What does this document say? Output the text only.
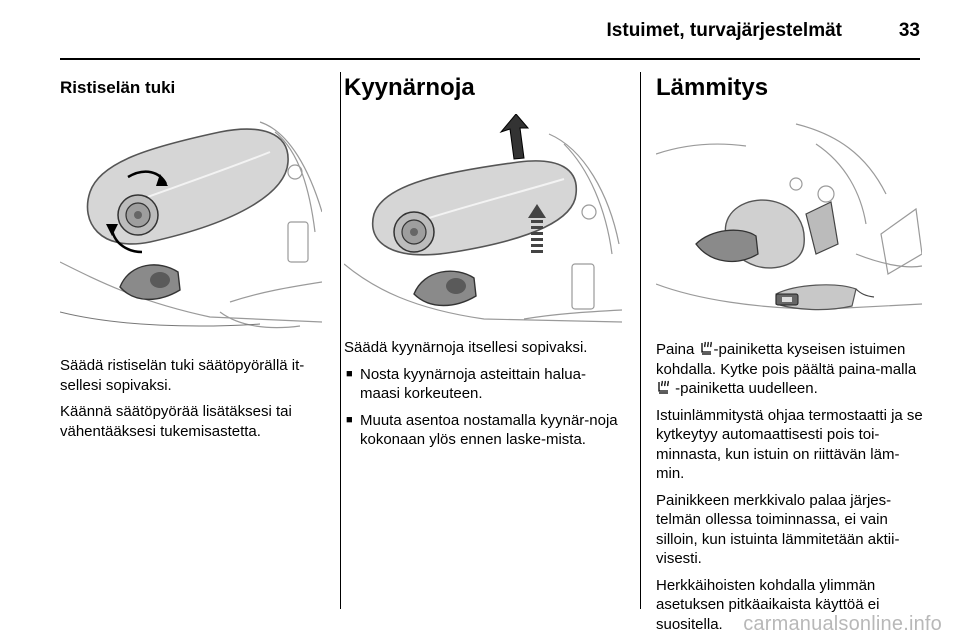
Istuimet, turvajärjestelmät	33
Ristiselän tuki

Säädä ristiselän tuki säätöpyörällä it-sellesi sopivaksi.

Käännä säätöpyörää lisätäksesi tai vähentääksesi tukemisastetta.

Kyynärnoja

Säädä kyynärnoja itsellesi sopivaksi.

■ Nosta kyynärnoja asteittain halua-maasi korkeuteen.
■ Muuta asentoa nostamalla kyynär-noja kokonaan ylös ennen laske-mista.
Lämmitys

Paina -painiketta kyseisen istuimen kohdalla. Kytke pois päältä paina-malla  -painiketta uudelleen.

Istuinlämmitystä ohjaa termostaatti ja se kytkeytyy automaattisesti pois toi-minnasta, kun istuin on riittävän läm-min.

Painikkeen merkkivalo palaa järjes-telmän ollessa toiminnassa, ei vain silloin, kun istuinta lämmitetään aktii-visesti.

Herkkäihoisten kohdalla ylimmän asetuksen pitkäaikaista käyttöä ei suositella.	carmanualsonline.info
